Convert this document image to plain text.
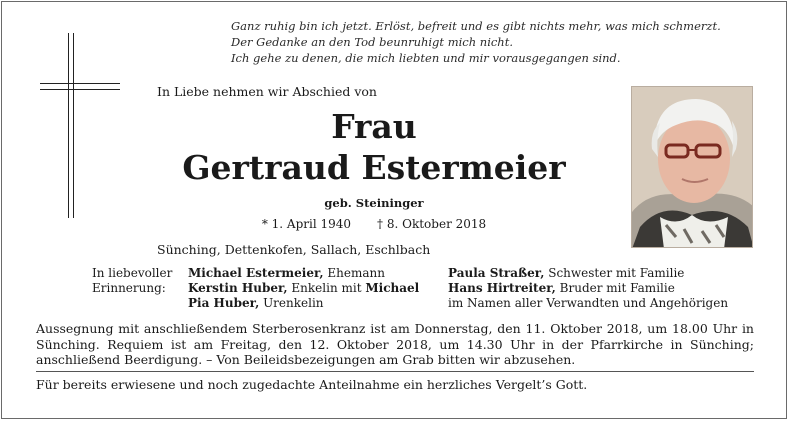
Ganz ruhig bin ich jetzt. Erlöst, befreit und es gibt nichts mehr, was mich schmerzt.
Der Gedanke an den Tod beunruhigt mich nicht.
Ich gehe zu denen, die mich liebten und mir vorausgegangen sind.
In Liebe nehmen wir Abschied von
Frau
Gertraud Estermeier
geb. Steininger
* 1. April 1940 † 8. Oktober 2018
Sünching, Dettenkofen, Sallach, Eschlbach
In liebevoller
Erinnerung:
Michael Estermeier, Ehemann
Kerstin Huber, Enkelin mit Michael
Pia Huber, Urenkelin
Paula Straßer, Schwester mit Familie
Hans Hirtreiter, Bruder mit Familie
im Namen aller Verwandten und Angehörigen
Aussegnung mit anschließendem Sterberosenkranz ist am Donnerstag, den 11. Oktober 2018, um 18.00 Uhr in Sünching. Requiem ist am Freitag, den 12. Oktober 2018, um 14.30 Uhr in der Pfarrkirche in Sünching; anschließend Beerdigung. – Von Beileidsbezeigungen am Grab bitten wir abzusehen.
Für bereits erwiesene und noch zugedachte Anteilnahme ein herzliches Vergelt’s Gott.
